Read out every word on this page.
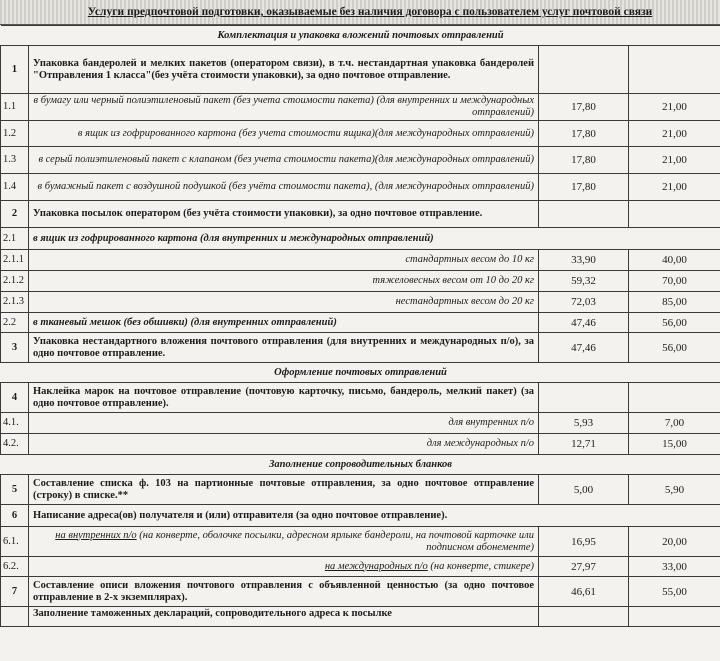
Услуги предпочтовой подготовки, оказываемые без наличия договора с пользователем услуг почтовой связи
Комплектация и упаковка вложений почтовых отправлений			
1	Упаковка бандеролей и мелких пакетов (оператором связи), в т.ч. нестандартная упаковка бандеролей "Отправления 1 класса"(без учёта стоимости упаковки), за одно почтовое отправление.		
1.1	в бумагу или черный полиэтиленовый пакет (без учета стоимости пакета) (для внутренних и международных отправлений)	17,80	21,00
1.2	в ящик из гофрированного картона (без учета стоимости ящика)(для международных отправлений)	17,80	21,00
1.3	в серый полиэтиленовый пакет с клапаном (без учета стоимости пакета)(для международных отправлений)	17,80	21,00
1.4	в бумажный пакет с воздушной подушкой (без учёта стоимости пакета), (для международных отправлений)	17,80	21,00
2	Упаковка посылок оператором (без учёта стоимости упаковки), за одно почтовое отправление.		
2.1	в ящик из гофрированного картона (для внутренних и международных отправлений)		
2.1.1	стандартных весом до 10 кг	33,90	40,00
2.1.2	тяжеловесных весом от 10 до 20 кг	59,32	70,00
2.1.3	нестандартных весом до 20 кг	72,03	85,00
2.2	в тканевый мешок (без обшивки) (для внутренних отправлений)	47,46	56,00
3	Упаковка нестандартного вложения почтового отправления (для внутренних и международных п/о), за одно почтовое отправление.	47,46	56,00
Оформление почтовых отправлений			
4	Наклейка марок на почтовое отправление (почтовую карточку, письмо, бандероль, мелкий пакет) (за одно почтовое отправление).		
4.1.	для внутренних п/о	5,93	7,00
4.2.	для международных п/о	12,71	15,00
Заполнение сопроводительных бланков			
5	Составление списка ф. 103 на партионные почтовые отправления, за одно почтовое отправление (строку) в списке.**	5,00	5,90
6	Написание адреса(ов) получателя и (или) отправителя (за одно почтовое отправление).		
6.1.	на внутренних п/о (на конверте, оболочке посылки, адресном ярлыке бандероли, на почтовой карточке или подписном абонементе)	16,95	20,00
6.2.	на международных п/о (на конверте, стикере)	27,97	33,00
7	Составление описи вложения почтового отправления с объявленной ценностью (за одно почтовое отправление в 2-х экземплярах).	46,61	55,00
	Заполнение таможенных деклараций, сопроводительного адреса к посылке		
